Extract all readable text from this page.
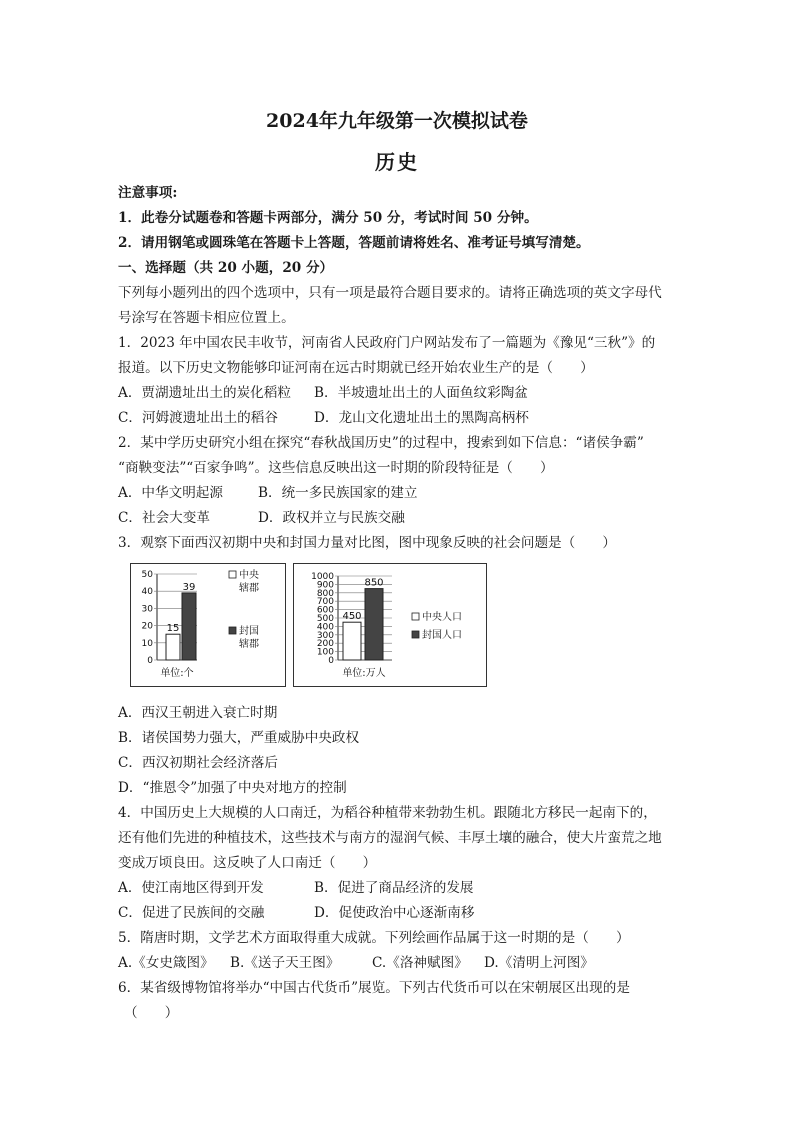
2024年九年级第一次模拟试卷
历史
注意事项:
1．此卷分试题卷和答题卡两部分，满分 50 分，考试时间 50 分钟。
2．请用钢笔或圆珠笔在答题卡上答题，答题前请将姓名、准考证号填写清楚。
一、选择题（共 20 小题，20 分）
下列每小题列出的四个选项中，只有一项是最符合题目要求的。请将正确选项的英文字母代
号涂写在答题卡相应位置上。
1．2023 年中国农民丰收节，河南省人民政府门户网站发布了一篇题为《豫见“三秋”》的
报道。以下历史文物能够印证河南在远古时期就已经开始农业生产的是（　　）
A．贾湖遗址出土的炭化稻粒 B．半坡遗址出土的人面鱼纹彩陶盆
C．河姆渡遗址出土的稻谷	D．龙山文化遗址出土的黑陶高柄杯
2．某中学历史研究小组在探究“春秋战国历史”的过程中，搜索到如下信息：“诸侯争霸”
“商鞅变法”“百家争鸣”。这些信息反映出这一时期的阶段特征是（　　）
A．中华文明起源	B．统一多民族国家的建立
C．社会大变革	D．政权并立与民族交融
3．观察下面西汉初期中央和封国力量对比图，图中现象反映的社会问题是（　　）
0
10
20
30
40
50
15
39
中央辖郡
封国辖郡
单位:个
0
100
200
300
400
500
600
700
800
900
1000
450
850
中央人口
封国人口
单位:万人
A．西汉王朝进入衰亡时期
B．诸侯国势力强大，严重威胁中央政权
C．西汉初期社会经济落后
D．“推恩令”加强了中央对地方的控制
4．中国历史上大规模的人口南迁，为稻谷种植带来勃勃生机。跟随北方移民一起南下的，
还有他们先进的种植技术，这些技术与南方的湿润气候、丰厚土壤的融合，使大片蛮荒之地
变成万顷良田。这反映了人口南迁（　　）
A．使江南地区得到开发	B．促进了商品经济的发展
C．促进了民族间的交融	D．促使政治中心逐渐南移
5．隋唐时期，文学艺术方面取得重大成就。下列绘画作品属于这一时期的是（　　）
A.《女史箴图》 B.《送子天王图》 C.《洛神赋图》 D.《清明上河图》
6．某省级博物馆将举办“中国古代货币”展览。下列古代货币可以在宋朝展区出现的是
（　　）
